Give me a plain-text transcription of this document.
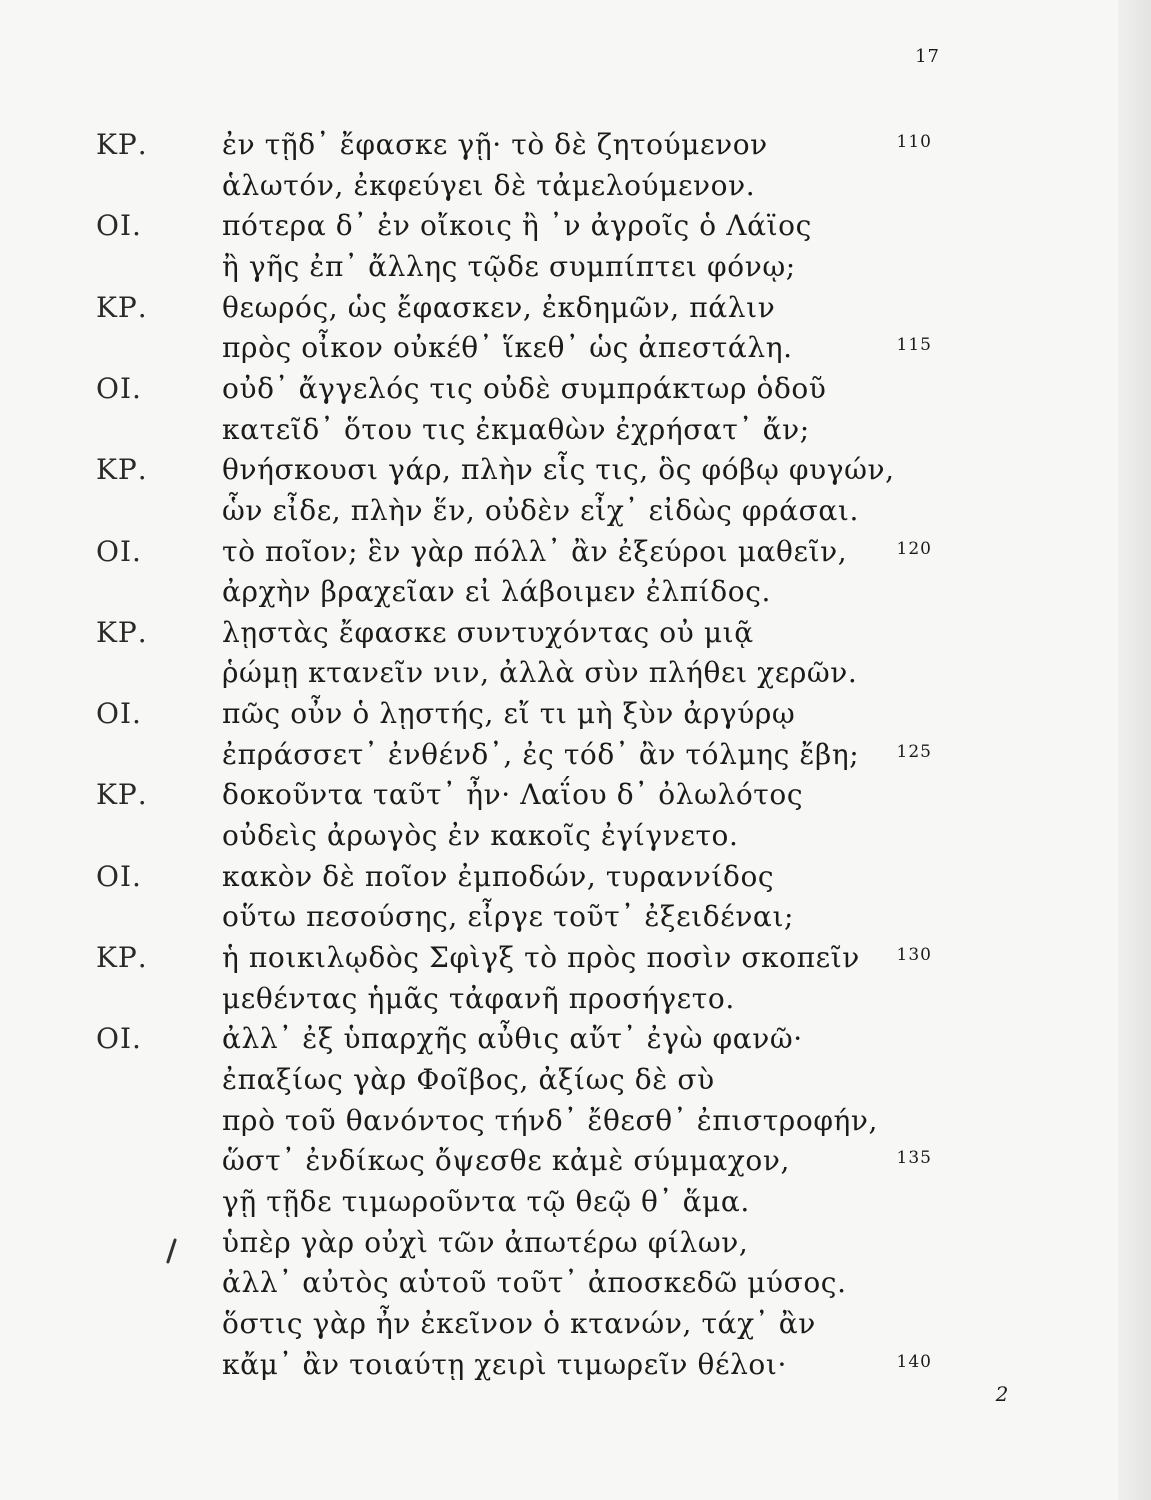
17
ΚΡ.	ἐν τῇδ᾽ ἔφασκε γῇ· τὸ δὲ ζητούμενον	110
ἁλωτόν, ἐκφεύγει δὲ τἀμελούμενον.
ΟΙ.	πότερα δ᾽ ἐν οἴκοις ἢ ᾽ν ἀγροῖς ὁ Λάϊος
ἢ γῆς ἐπ᾽ ἄλλης τῷδε συμπίπτει φόνῳ;
ΚΡ.	θεωρός, ὡς ἔφασκεν, ἐκδημῶν, πάλιν
πρὸς οἶκον οὐκέθ᾽ ἵκεθ᾽ ὡς ἀπεστάλη.	115
ΟΙ.	οὐδ᾽ ἄγγελός τις οὐδὲ συμπράκτωρ ὁδοῦ
κατεῖδ᾽ ὅτου τις ἐκμαθὼν ἐχρήσατ᾽ ἄν;
ΚΡ.	θνήσκουσι γάρ, πλὴν εἷς τις, ὃς φόβῳ φυγών,
ὧν εἶδε, πλὴν ἕν, οὐδὲν εἶχ᾽ εἰδὼς φράσαι.
ΟΙ.	τὸ ποῖον; ἓν γὰρ πόλλ᾽ ἂν ἐξεύροι μαθεῖν,	120
ἀρχὴν βραχεῖαν εἰ λάβοιμεν ἐλπίδος.
ΚΡ.	λῃστὰς ἔφασκε συντυχόντας οὐ μιᾷ
ῥώμῃ κτανεῖν νιν, ἀλλὰ σὺν πλήθει χερῶν.
ΟΙ.	πῶς οὖν ὁ λῃστής, εἴ τι μὴ ξὺν ἀργύρῳ
ἐπράσσετ᾽ ἐνθένδ᾽, ἐς τόδ᾽ ἂν τόλμης ἔβη;	125
ΚΡ.	δοκοῦντα ταῦτ᾽ ἦν· Λαΐου δ᾽ ὀλωλότος
οὐδεὶς ἀρωγὸς ἐν κακοῖς ἐγίγνετο.
ΟΙ.	κακὸν δὲ ποῖον ἐμποδών, τυραννίδος
οὕτω πεσούσης, εἶργε τοῦτ᾽ ἐξειδέναι;
ΚΡ.	ἡ ποικιλῳδὸς Σφὶγξ τὸ πρὸς ποσὶν σκοπεῖν	130
μεθέντας ἡμᾶς τἀφανῆ προσήγετο.
ΟΙ.	ἀλλ᾽ ἐξ ὑπαρχῆς αὖθις αὔτ᾽ ἐγὼ φανῶ·
ἐπαξίως γὰρ Φοῖβος, ἀξίως δὲ σὺ
πρὸ τοῦ θανόντος τήνδ᾽ ἔθεσθ᾽ ἐπιστροφήν,
ὥστ᾽ ἐνδίκως ὄψεσθε κἀμὲ σύμμαχον,	135
γῇ τῇδε τιμωροῦντα τῷ θεῷ θ᾽ ἅμα.
ὑπὲρ γὰρ οὐχὶ τῶν ἀπωτέρω φίλων,
ἀλλ᾽ αὐτὸς αὑτοῦ τοῦτ᾽ ἀποσκεδῶ μύσος.
ὅστις γὰρ ἦν ἐκεῖνον ὁ κτανών, τάχ᾽ ἂν
κἄμ᾽ ἂν τοιαύτῃ χειρὶ τιμωρεῖν θέλοι·	140
2
